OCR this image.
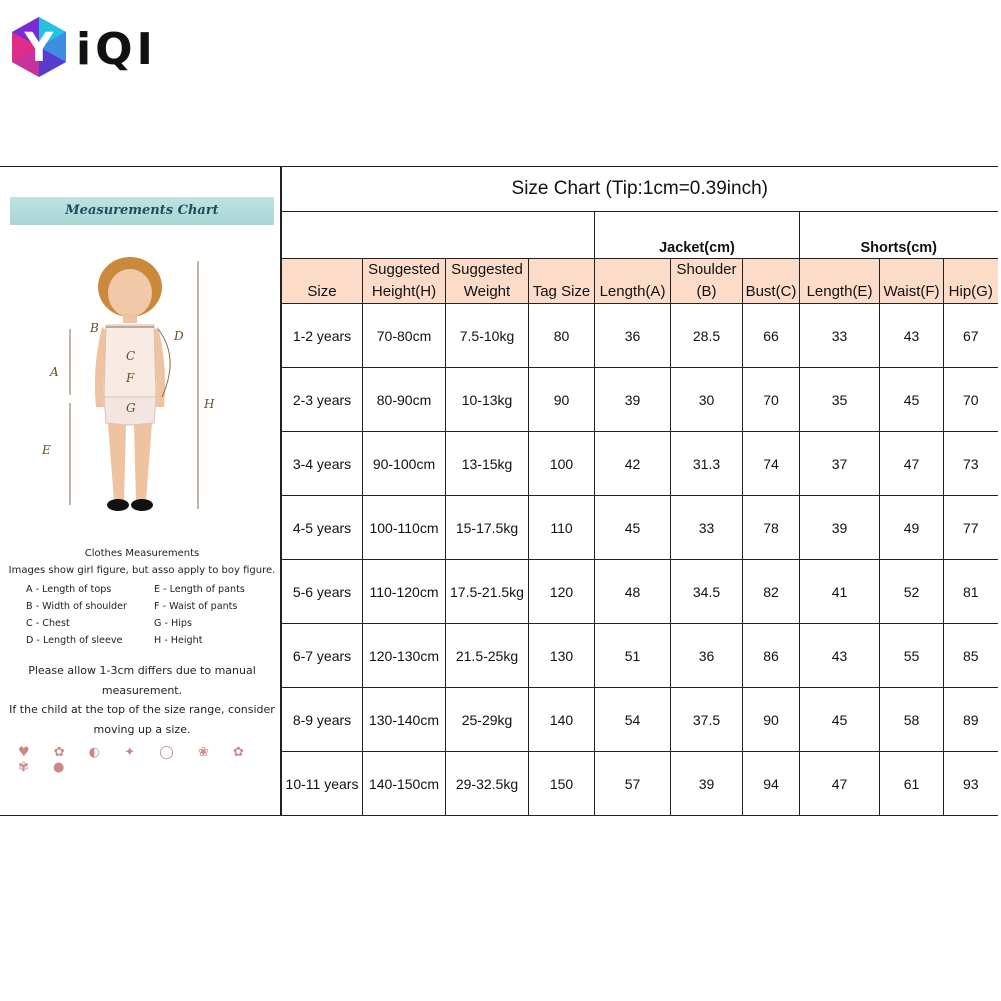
Y iQI
Measurements Chart
B
C
D
A	F
G	H
E
Clothes Measurements
Images show girl figure, but asso apply to boy figure.
A - Length of tops	E - Length of pants
B - Width of shoulder	F - Waist of pants
C - Chest	G - Hips
D - Length of sleeve	H - Height
Please allow 1-3cm differs due to manual measurement.
If the child at the top of the size range, consider moving up a size.
♥ ✿ ◐ ✦ ◯ ❀ ✿ ✾ ●
Size Chart (Tip:1cm=0.39inch)									
				Jacket(cm)			Shorts(cm)		
Size	Suggested Height(H)	Suggested Weight	Tag Size	Length(A)	Shoulder (B)	Bust(C)	Length(E)	Waist(F)	Hip(G)
1-2 years	70-80cm	7.5-10kg	80	36	28.5	66	33	43	67
2-3 years	80-90cm	10-13kg	90	39	30	70	35	45	70
3-4 years	90-100cm	13-15kg	100	42	31.3	74	37	47	73
4-5 years	100-110cm	15-17.5kg	110	45	33	78	39	49	77
5-6 years	110-120cm	17.5-21.5kg	120	48	34.5	82	41	52	81
6-7 years	120-130cm	21.5-25kg	130	51	36	86	43	55	85
8-9 years	130-140cm	25-29kg	140	54	37.5	90	45	58	89
10-11 years	140-150cm	29-32.5kg	150	57	39	94	47	61	93
